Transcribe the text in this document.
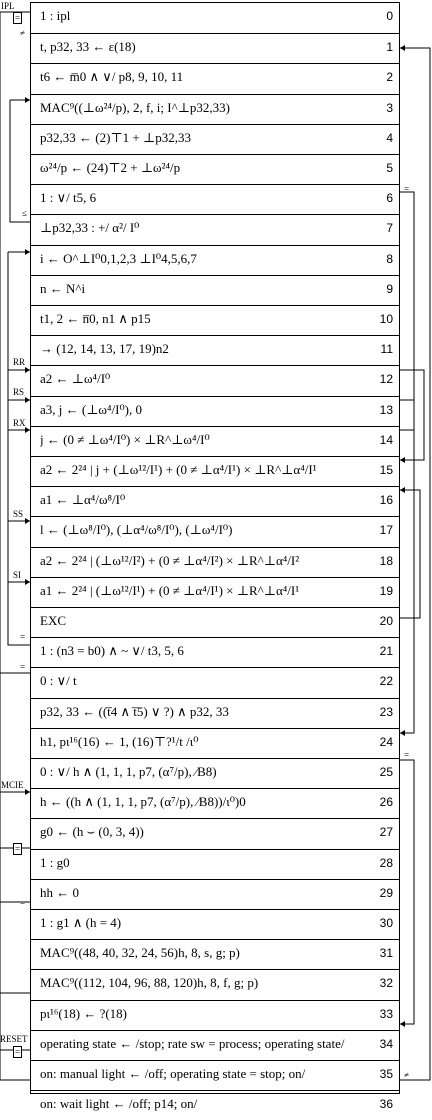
1 : ipl	0
t, p32, 33 ← ε(18)	1
t6 ← m̅0 ∧ ∨/ p8, 9, 10, 11	2
MAC⁹((⊥ω²⁴/p), 2, f, i; I^⊥p32,33)	3
p32,33 ← (2)⊤1 + ⊥p32,33	4
ω²⁴/p ← (24)⊤2 + ⊥ω²⁴/p	5
1 : ∨/ t5, 6	6
⊥p32,33 : +/ α²/ I⁰	7
i ← O^⊥I⁰0,1,2,3 ⊥I⁰4,5,6,7	8
n ← N^i	9
t1, 2 ← n̅0, n1 ∧ p15	10
→ (12, 14, 13, 17, 19)n2	11
a2 ← ⊥ω⁴/I⁰	12
a3, j ← (⊥ω⁴/I⁰), 0	13
j ← (0 ≠ ⊥ω⁴/I⁰) × ⊥R^⊥ω⁴/I⁰	14
a2 ← 2²⁴ | j + (⊥ω¹²/I¹) + (0 ≠ ⊥α⁴/I¹) × ⊥R^⊥α⁴/I¹	15
a1 ← ⊥α⁴/ω⁸/I⁰	16
l ← (⊥ω⁸/I⁰), (⊥α⁴/ω⁸/I⁰), (⊥ω⁴/I⁰)	17
a2 ← 2²⁴ | (⊥ω¹²/I²) + (0 ≠ ⊥α⁴/I²) × ⊥R^⊥α⁴/I²	18
a1 ← 2²⁴ | (⊥ω¹²/I¹) + (0 ≠ ⊥α⁴/I¹) × ⊥R^⊥α⁴/I¹	19
EXC	20
1 : (n3 = b0) ∧ ~ ∨/ t3, 5, 6	21
0 : ∨/ t	22
p32, 33 ← ((t̅4 ∧ t̅5) ∨ ?) ∧ p32, 33	23
h1, pι¹⁶(16) ← 1, (16)⊤?¹/t /ι⁰	24
0 : ∨/ h ∧ (1, 1, 1, p7, (α⁷/p), ⁄B8)	25
h ← ((h ∧ (1, 1, 1, p7, (α⁷/p), ⁄B8))/ι⁰)0	26
g0 ← (h ⌣ (0, 3, 4))	27
1 : g0	28
hh ← 0	29
1 : g1 ∧ (h = 4)	30
MAC⁹((48, 40, 32, 24, 56)h, 8, s, g; p)	31
MAC⁹((112, 104, 96, 88, 120)h, 8, f, g; p)	32
pι¹⁶(18) ← ?(18)	33
operating state ← /stop; rate sw = process; operating state/	34
on: manual light ← /off; operating state = stop; on/	35
on: wait light ← /off; p14; on/	36
IPL
=
≠
≤
RR
RS
RX
SS
SI
=
=
MCIE
=
=
RESET
=
=
=
≠
